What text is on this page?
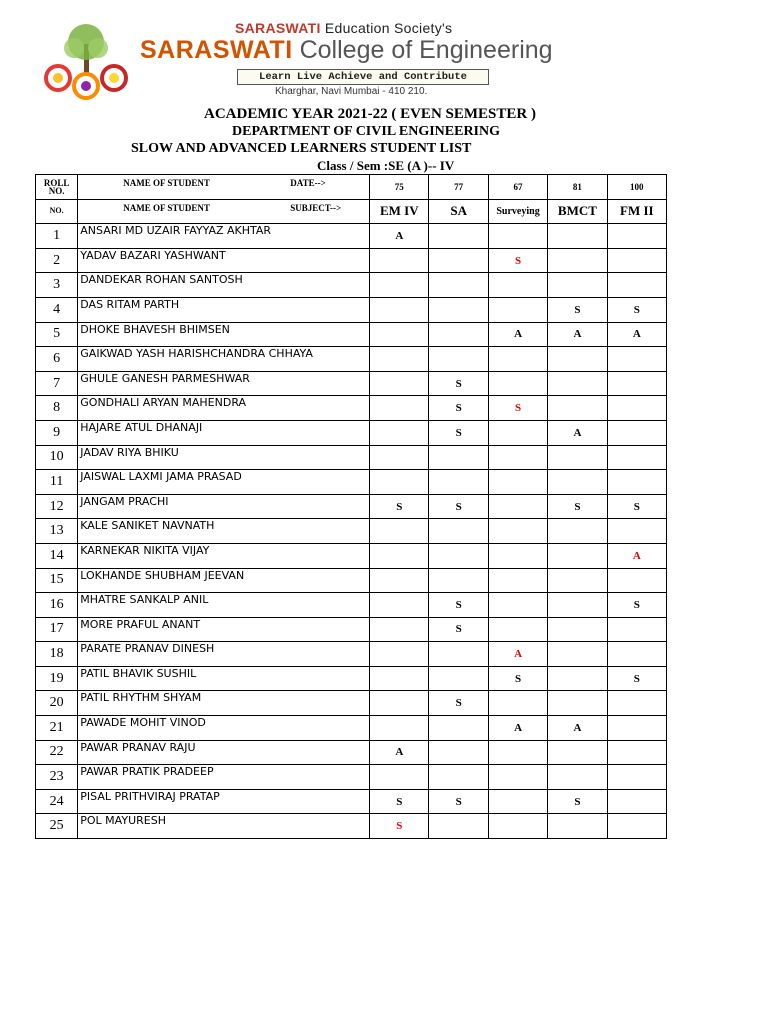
SARASWATI Education Society's
SARASWATI College of Engineering
Learn Live Achieve and Contribute
Kharghar, Navi Mumbai - 410 210.
ACADEMIC YEAR 2021-22 ( EVEN SEMESTER )
DEPARTMENT OF CIVIL ENGINEERING
SLOW AND ADVANCED LEARNERS STUDENT LIST
Class / Sem :SE (A )-- IV
ROLL NO.	NAME OF STUDENT DATE-->	75	77	67	81	100
NO.	NAME OF STUDENT SUBJECT-->	EM IV	SA	Surveying	BMCT	FM II
1	ANSARI MD UZAIR FAYYAZ AKHTAR	A				
2	YADAV BAZARI YASHWANT			S		
3	DANDEKAR ROHAN SANTOSH					
4	DAS RITAM PARTH				S	S
5	DHOKE BHAVESH BHIMSEN			A	A	A
6	GAIKWAD YASH HARISHCHANDRA CHHAYA					
7	GHULE GANESH PARMESHWAR		S			
8	GONDHALI ARYAN MAHENDRA		S	S		
9	HAJARE ATUL DHANAJI		S		A	
10	JADAV RIYA BHIKU					
11	JAISWAL LAXMI JAMA PRASAD					
12	JANGAM PRACHI	S	S		S	S
13	KALE SANIKET NAVNATH					
14	KARNEKAR NIKITA VIJAY					A
15	LOKHANDE SHUBHAM JEEVAN					
16	MHATRE SANKALP ANIL		S			S
17	MORE PRAFUL ANANT		S			
18	PARATE PRANAV DINESH			A		
19	PATIL BHAVIK SUSHIL			S		S
20	PATIL RHYTHM SHYAM		S			
21	PAWADE MOHIT VINOD			A	A	
22	PAWAR PRANAV RAJU	A				
23	PAWAR PRATIK PRADEEP					
24	PISAL PRITHVIRAJ PRATAP	S	S		S	
25	POL MAYURESH	S				
